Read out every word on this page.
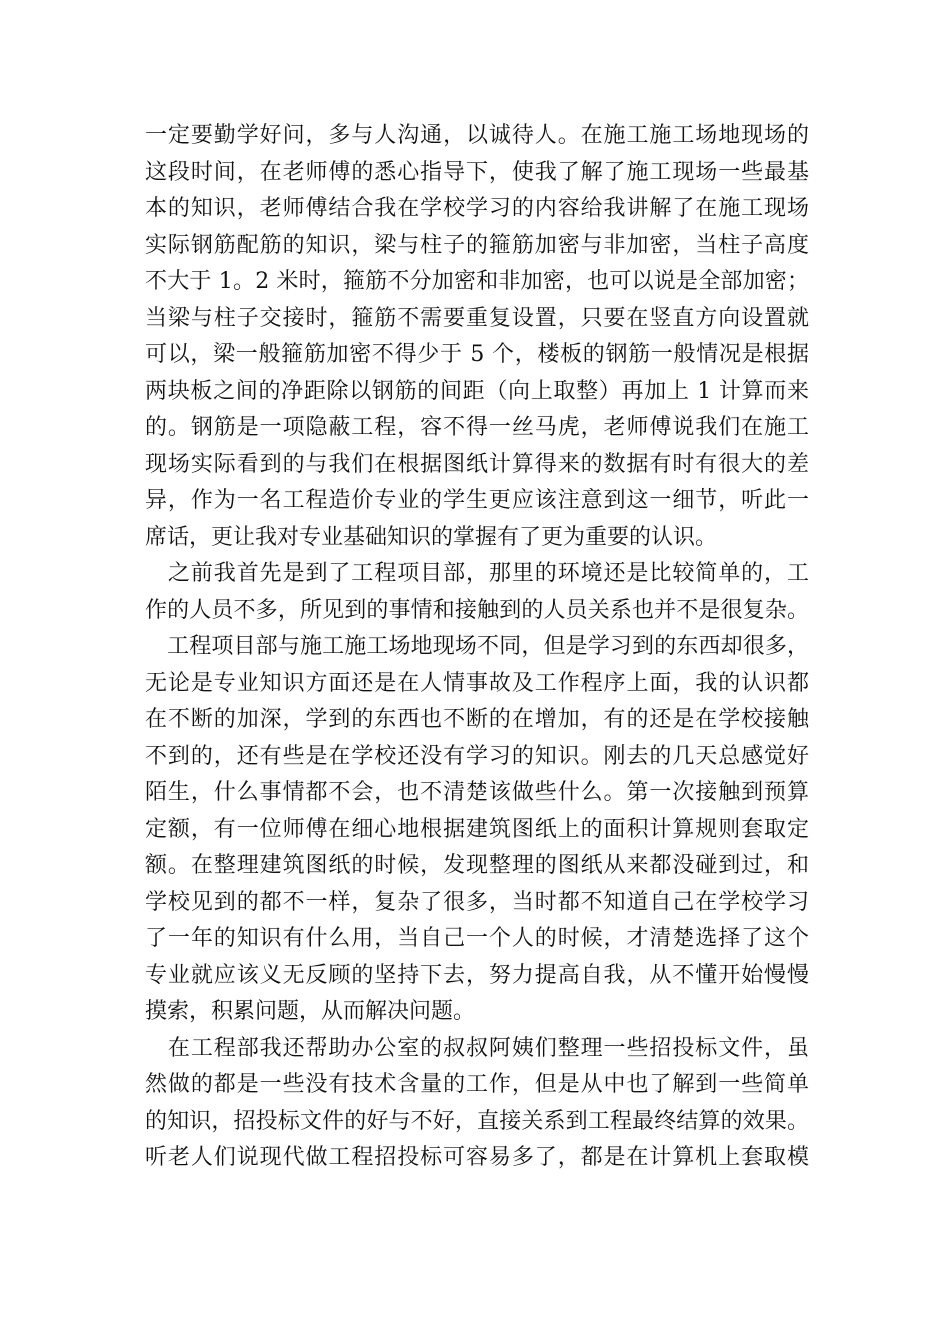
一定要勤学好问，多与人沟通，以诚待人。在施工施工场地现场的
这段时间，在老师傅的悉心指导下，使我了解了施工现场一些最基
本的知识，老师傅结合我在学校学习的内容给我讲解了在施工现场
实际钢筋配筋的知识，梁与柱子的箍筋加密与非加密，当柱子高度
不大于 1。2 米时，箍筋不分加密和非加密，也可以说是全部加密；
当梁与柱子交接时，箍筋不需要重复设置，只要在竖直方向设置就
可以，梁一般箍筋加密不得少于 5 个，楼板的钢筋一般情况是根据
两块板之间的净距除以钢筋的间距（向上取整）再加上 1 计算而来
的。钢筋是一项隐蔽工程，容不得一丝马虎，老师傅说我们在施工
现场实际看到的与我们在根据图纸计算得来的数据有时有很大的差
异，作为一名工程造价专业的学生更应该注意到这一细节，听此一
席话，更让我对专业基础知识的掌握有了更为重要的认识。
　之前我首先是到了工程项目部，那里的环境还是比较简单的，工
作的人员不多，所见到的事情和接触到的人员关系也并不是很复杂。
　工程项目部与施工施工场地现场不同，但是学习到的东西却很多，
无论是专业知识方面还是在人情事故及工作程序上面，我的认识都
在不断的加深，学到的东西也不断的在增加，有的还是在学校接触
不到的，还有些是在学校还没有学习的知识。刚去的几天总感觉好
陌生，什么事情都不会，也不清楚该做些什么。第一次接触到预算
定额，有一位师傅在细心地根据建筑图纸上的面积计算规则套取定
额。在整理建筑图纸的时候，发现整理的图纸从来都没碰到过，和
学校见到的都不一样，复杂了很多，当时都不知道自己在学校学习
了一年的知识有什么用，当自己一个人的时候，才清楚选择了这个
专业就应该义无反顾的坚持下去，努力提高自我，从不懂开始慢慢
摸索，积累问题，从而解决问题。
　在工程部我还帮助办公室的叔叔阿姨们整理一些招投标文件，虽
然做的都是一些没有技术含量的工作，但是从中也了解到一些简单
的知识，招投标文件的好与不好，直接关系到工程最终结算的效果。
听老人们说现代做工程招投标可容易多了，都是在计算机上套取模
